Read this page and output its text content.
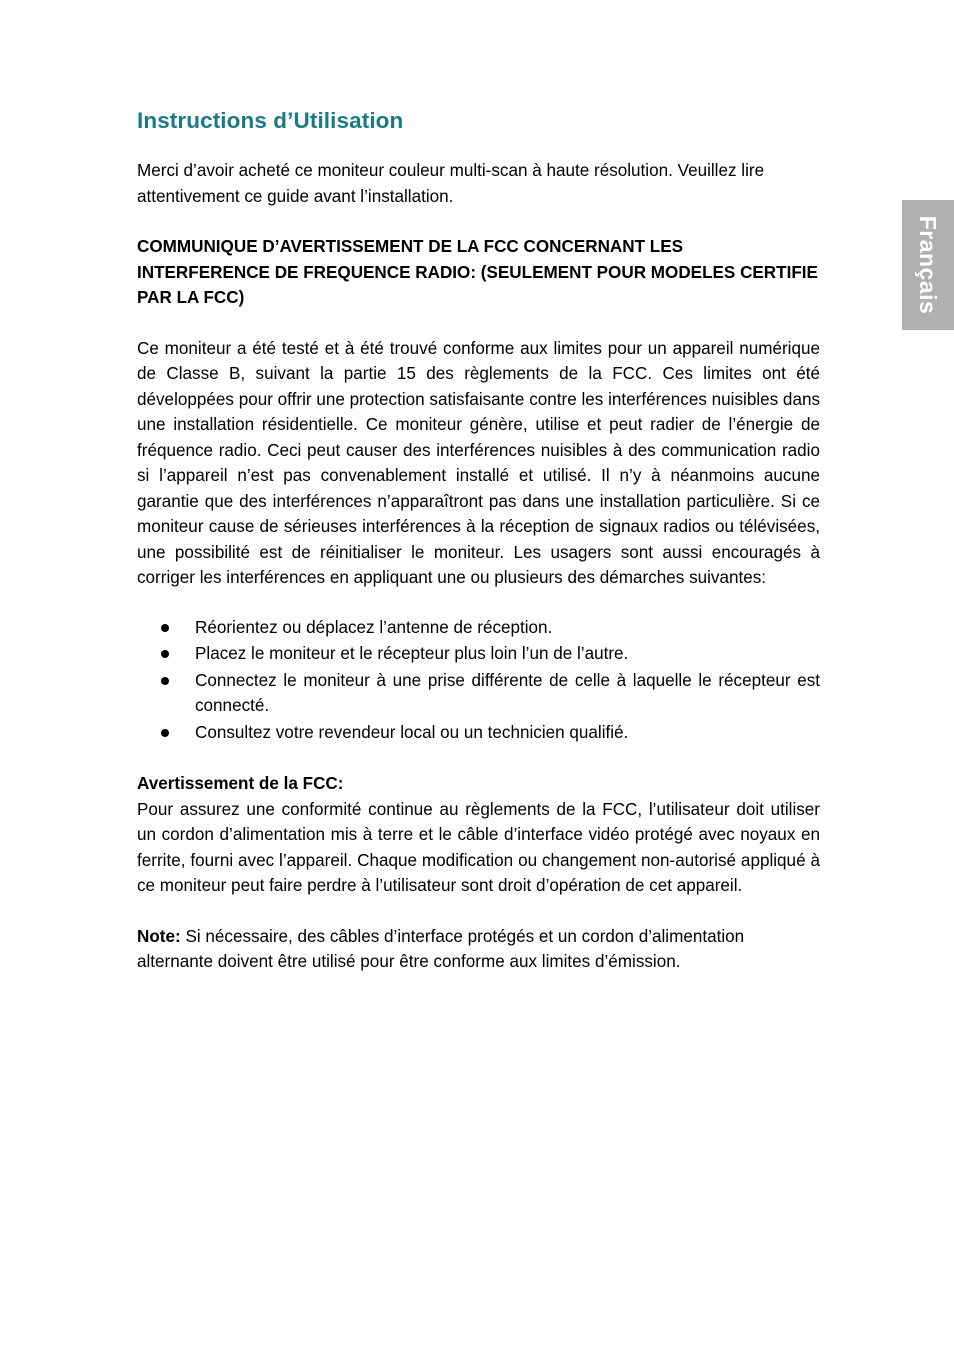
Français
Instructions d’Utilisation

Merci d’avoir acheté ce moniteur couleur multi-scan à haute résolution. Veuillez lire attentivement ce guide avant l’installation.

COMMUNIQUE D’AVERTISSEMENT DE LA FCC CONCERNANT LES INTERFERENCE DE FREQUENCE RADIO: (SEULEMENT POUR MODELES CERTIFIE PAR LA FCC)

Ce moniteur a été testé et à été trouvé conforme aux limites pour un appareil numérique de Classe B, suivant la partie 15 des règlements de la FCC. Ces limites ont été développées pour offrir une protection satisfaisante contre les interférences nuisibles dans une installation résidentielle. Ce moniteur génère, utilise et peut radier de l’énergie de fréquence radio. Ceci peut causer des interférences nuisibles à des communication radio si l’appareil n’est pas convenablement installé et utilisé. Il n’y à néanmoins aucune garantie que des interférences n’apparaîtront pas dans une installation particulière. Si ce moniteur cause de sérieuses interférences à la réception de signaux radios ou télévisées, une possibilité est de réinitialiser le moniteur. Les usagers sont aussi encouragés à corriger les interférences en appliquant une ou plusieurs des démarches suivantes:

Réorientez ou déplacez l’antenne de réception.
Placez le moniteur et le récepteur plus loin l’un de l’autre.
Connectez le moniteur à une prise différente de celle à laquelle le récepteur est connecté.
Consultez votre revendeur local ou un technicien qualifié.

Avertissement de la FCC:

Pour assurez une conformité continue au règlements de la FCC, l’utilisateur doit utiliser un cordon d’alimentation mis à terre et le câble d’interface vidéo protégé avec noyaux en ferrite, fourni avec l’appareil. Chaque modification ou changement non-autorisé appliqué à ce moniteur peut faire perdre à l’utilisateur sont droit d’opération de cet appareil.

Note: Si nécessaire, des câbles d’interface protégés et un cordon d’alimentation alternante doivent être utilisé pour être conforme aux limites d’émission.
